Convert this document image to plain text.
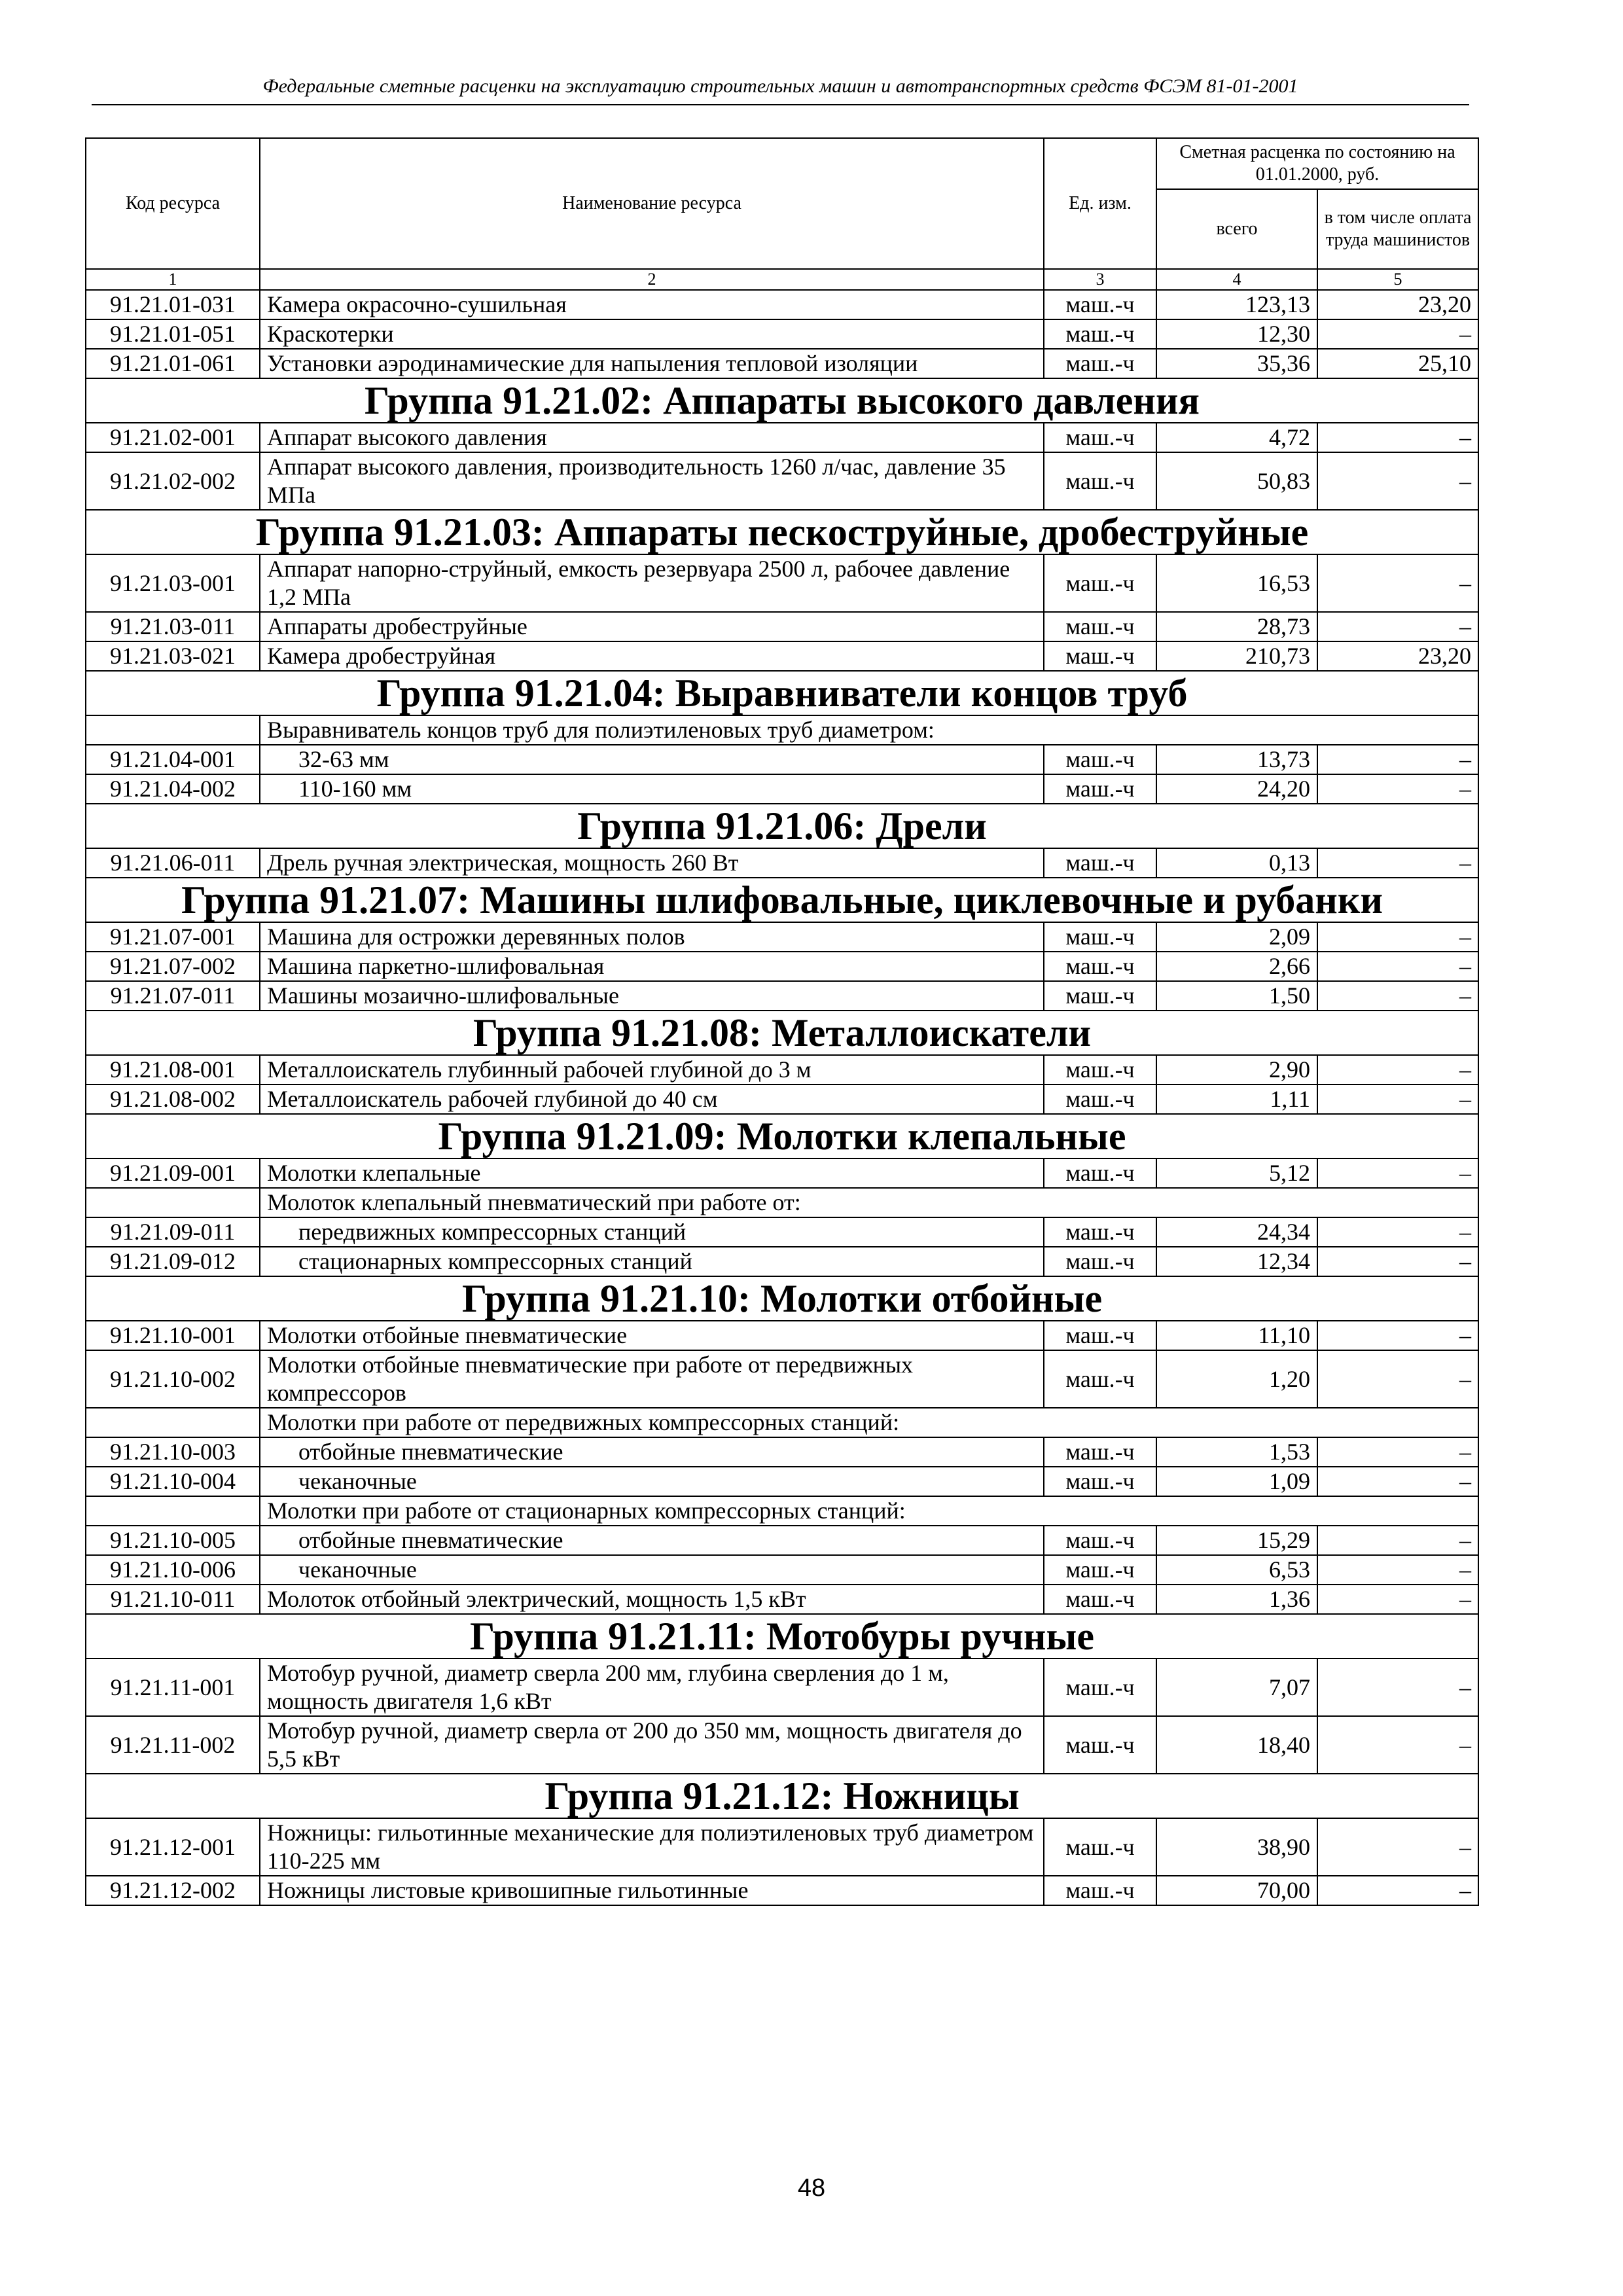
Федеральные сметные расценки на эксплуатацию строительных машин и автотранспортных средств ФСЭМ 81-01-2001
Код ресурса	Наименование ресурса	Ед. изм.	Сметная расценка по состоянию на 01.01.2000, руб.	
			всего	в том числе оплата труда машинистов
1	2	3	4	5
91.21.01-031	Камера окрасочно-сушильная	маш.-ч	123,13	23,20
91.21.01-051	Краскотерки	маш.-ч	12,30	–
91.21.01-061	Установки аэродинамические для напыления тепловой изоляции	маш.-ч	35,36	25,10
Группа 91.21.02: Аппараты высокого давления				
91.21.02-001	Аппарат высокого давления	маш.-ч	4,72	–
91.21.02-002	Аппарат высокого давления, производительность 1260 л/час, давление 35 МПа	маш.-ч	50,83	–
Группа 91.21.03: Аппараты пескоструйные, дробеструйные				
91.21.03-001	Аппарат напорно-струйный, емкость резервуара 2500 л, рабочее давление 1,2 МПа	маш.-ч	16,53	–
91.21.03-011	Аппараты дробеструйные	маш.-ч	28,73	–
91.21.03-021	Камера дробеструйная	маш.-ч	210,73	23,20
Группа 91.21.04: Выравниватели концов труб				
	Выравниватель концов труб для полиэтиленовых труб диаметром:			
91.21.04-001	32-63 мм	маш.-ч	13,73	–
91.21.04-002	110-160 мм	маш.-ч	24,20	–
Группа 91.21.06: Дрели				
91.21.06-011	Дрель ручная электрическая, мощность 260 Вт	маш.-ч	0,13	–
Группа 91.21.07: Машины шлифовальные, циклевочные и рубанки				
91.21.07-001	Машина для острожки деревянных полов	маш.-ч	2,09	–
91.21.07-002	Машина паркетно-шлифовальная	маш.-ч	2,66	–
91.21.07-011	Машины мозаично-шлифовальные	маш.-ч	1,50	–
Группа 91.21.08: Металлоискатели				
91.21.08-001	Металлоискатель глубинный рабочей глубиной до 3 м	маш.-ч	2,90	–
91.21.08-002	Металлоискатель рабочей глубиной до 40 см	маш.-ч	1,11	–
Группа 91.21.09: Молотки клепальные				
91.21.09-001	Молотки клепальные	маш.-ч	5,12	–
	Молоток клепальный пневматический при работе от:			
91.21.09-011	передвижных компрессорных станций	маш.-ч	24,34	–
91.21.09-012	стационарных компрессорных станций	маш.-ч	12,34	–
Группа 91.21.10: Молотки отбойные				
91.21.10-001	Молотки отбойные пневматические	маш.-ч	11,10	–
91.21.10-002	Молотки отбойные пневматические при работе от передвижных компрессоров	маш.-ч	1,20	–
	Молотки при работе от передвижных компрессорных станций:			
91.21.10-003	отбойные пневматические	маш.-ч	1,53	–
91.21.10-004	чеканочные	маш.-ч	1,09	–
	Молотки при работе от стационарных компрессорных станций:			
91.21.10-005	отбойные пневматические	маш.-ч	15,29	–
91.21.10-006	чеканочные	маш.-ч	6,53	–
91.21.10-011	Молоток отбойный электрический, мощность 1,5 кВт	маш.-ч	1,36	–
Группа 91.21.11: Мотобуры ручные				
91.21.11-001	Мотобур ручной, диаметр сверла 200 мм, глубина сверления до 1 м, мощность двигателя 1,6 кВт	маш.-ч	7,07	–
91.21.11-002	Мотобур ручной, диаметр сверла от 200 до 350 мм, мощность двигателя до 5,5 кВт	маш.-ч	18,40	–
Группа 91.21.12: Ножницы				
91.21.12-001	Ножницы: гильотинные механические для полиэтиленовых труб диаметром 110-225 мм	маш.-ч	38,90	–
91.21.12-002	Ножницы листовые кривошипные гильотинные	маш.-ч	70,00	–
48
